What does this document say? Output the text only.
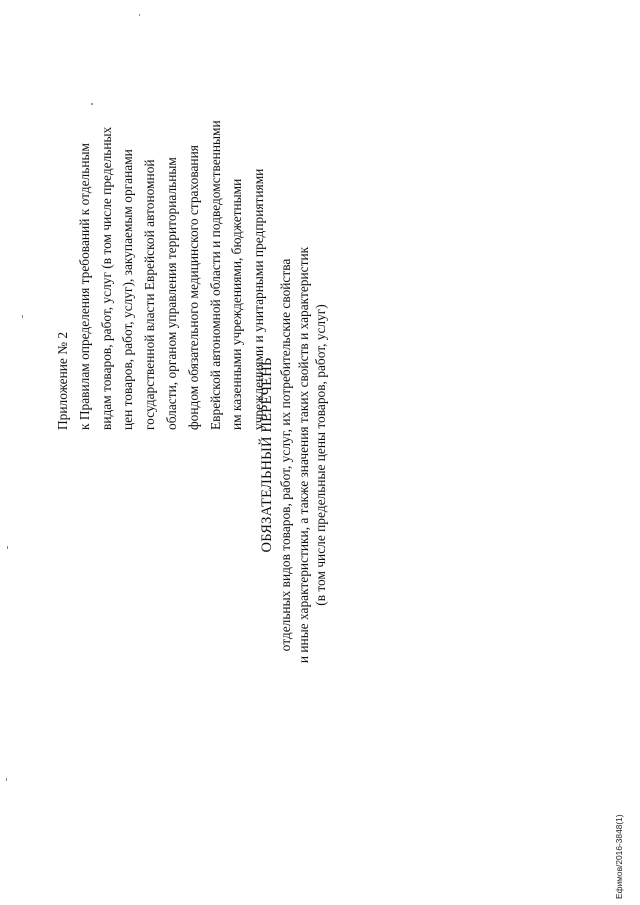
Приложение № 2 к Правилам определения требований к отдельным видам товаров, работ, услуг (в том числе предельных цен товаров, работ, услуг), закупаемым органами государственной власти Еврейской автономной области, органом управления территориальным фондом обязательного медицинского страхования Еврейской автономной области и подведомственными им казенными учреждениями, бюджетными учреждениями и унитарными предприятиями
ОБЯЗАТЕЛЬНЫЙ ПЕРЕЧЕНЬ отдельных видов товаров, работ, услуг, их потребительские свойства и иные характеристики, а также значения таких свойств и характеристик (в том числе предельные цены товаров, работ, услуг)
Ефимов/2016-3848(1)
